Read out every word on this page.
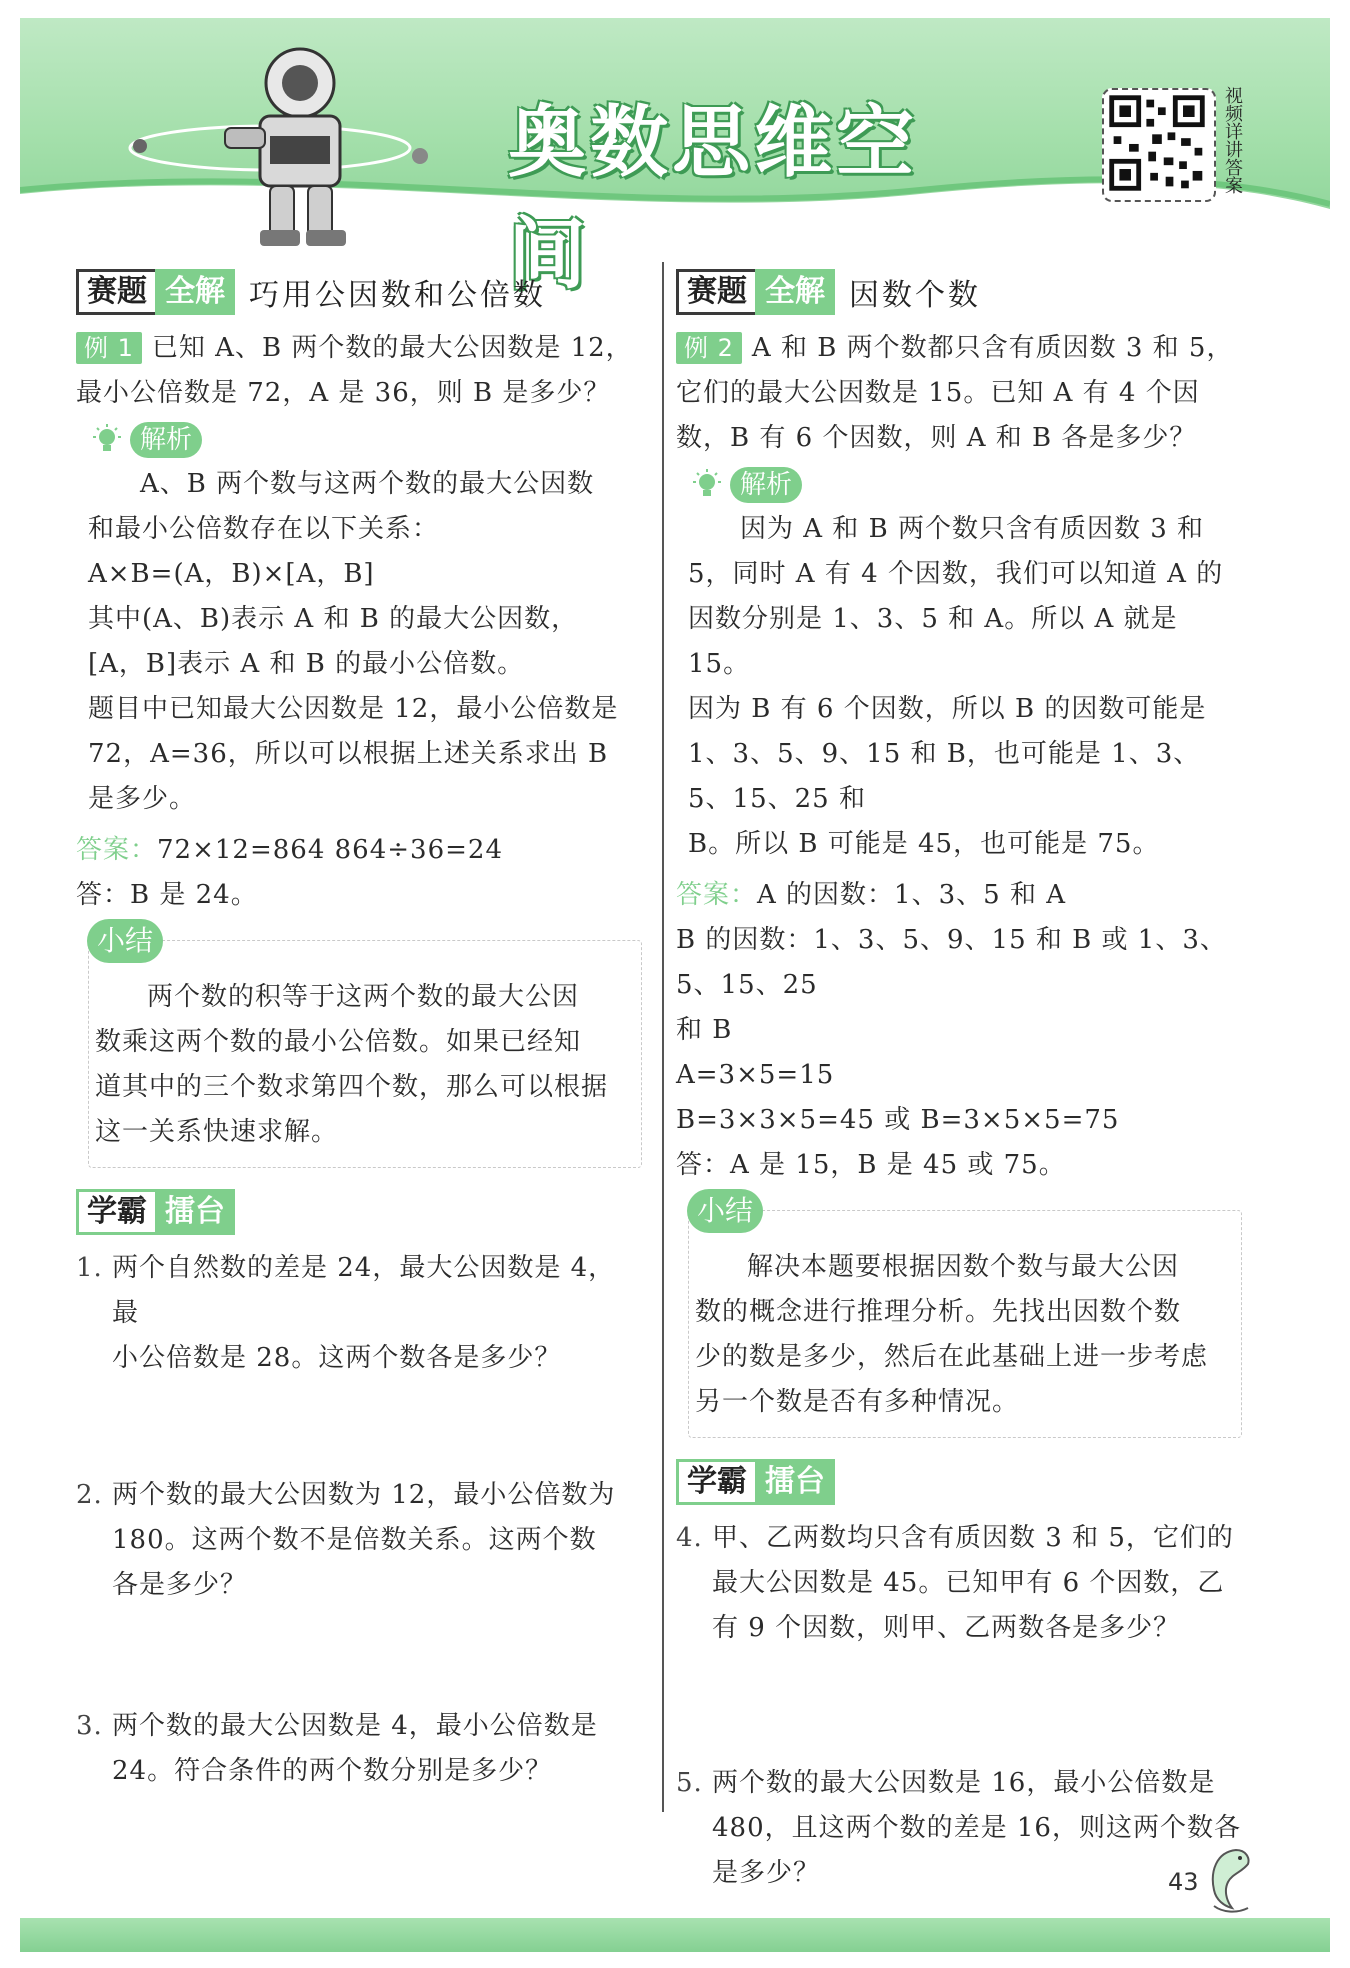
奥数思维空间
视频详讲答案
赛题 全解 巧用公因数和公倍数

例 1 已知 A、B 两个数的最大公因数是 12，

最小公倍数是 72，A 是 36，则 B 是多少？

解析

A、B 两个数与这两个数的最大公因数

和最小公倍数存在以下关系：

A×B=(A，B)×[A，B]

其中(A、B)表示 A 和 B 的最大公因数，

[A，B]表示 A 和 B 的最小公倍数。

题目中已知最大公因数是 12，最小公倍数是

72，A=36，所以可以根据上述关系求出 B

是多少。

答案：72×12=864 864÷36=24

答：B 是 24。

小结

两个数的积等于这两个数的最大公因

数乘这两个数的最小公倍数。如果已经知

道其中的三个数求第四个数，那么可以根据

这一关系快速求解。

学霸 擂台
1. 两个自然数的差是 24，最大公因数是 4，最
小公倍数是 28。这两个数各是多少？
2. 两个数的最大公因数为 12，最小公倍数为
180。这两个数不是倍数关系。这两个数
各是多少？
3. 两个数的最大公因数是 4，最小公倍数是
24。符合条件的两个数分别是多少？
赛题 全解 因数个数

例 2 A 和 B 两个数都只含有质因数 3 和 5，

它们的最大公因数是 15。已知 A 有 4 个因

数，B 有 6 个因数，则 A 和 B 各是多少？

解析

因为 A 和 B 两个数只含有质因数 3 和

5，同时 A 有 4 个因数，我们可以知道 A 的

因数分别是 1、3、5 和 A。所以 A 就是 15。

因为 B 有 6 个因数，所以 B 的因数可能是

1、3、5、9、15 和 B，也可能是 1、3、5、15、25 和

B。所以 B 可能是 45，也可能是 75。

答案：A 的因数：1、3、5 和 A

B 的因数：1、3、5、9、15 和 B 或 1、3、5、15、25

和 B

A=3×5=15

B=3×3×5=45 或 B=3×5×5=75

答：A 是 15，B 是 45 或 75。

小结

解决本题要根据因数个数与最大公因

数的概念进行推理分析。先找出因数个数

少的数是多少，然后在此基础上进一步考虑

另一个数是否有多种情况。

学霸 擂台
4. 甲、乙两数均只含有质因数 3 和 5，它们的
最大公因数是 45。已知甲有 6 个因数，乙
有 9 个因数，则甲、乙两数各是多少？
5. 两个数的最大公因数是 16，最小公倍数是
480，且这两个数的差是 16，则这两个数各
是多少？	43
